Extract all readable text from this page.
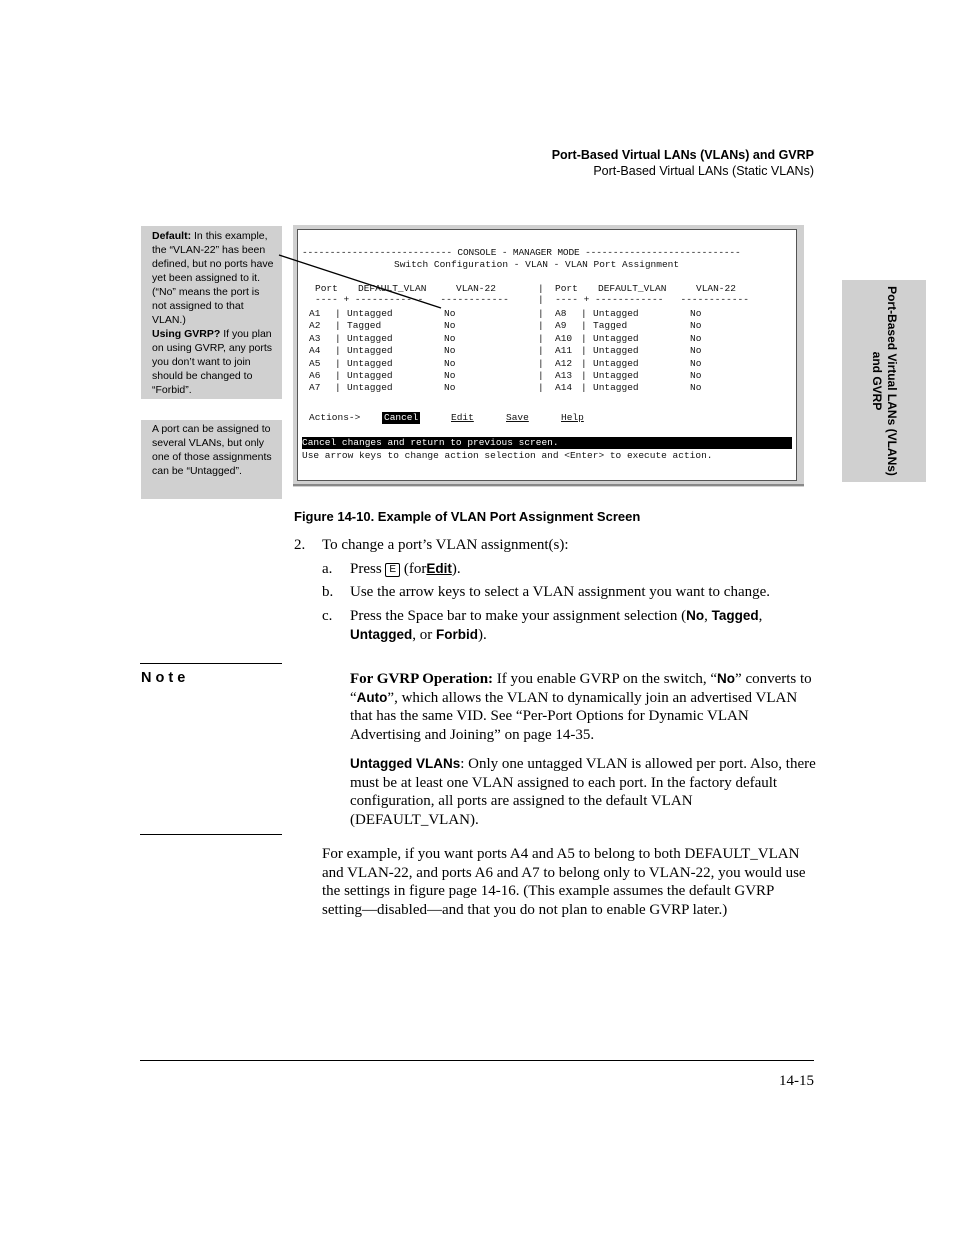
Port-Based Virtual LANs (VLANs) and GVRP
Port-Based Virtual LANs (Static VLANs)
Port-Based Virtual LANs (VLANs) and GVRP
Default: In this example, the “VLAN-22” has been defined, but no ports have yet been assigned to it. (“No” means the port is not assigned to that VLAN.)
Using GVRP? If you plan on using GVRP, any ports you don’t want to join should be changed to “Forbid”.
A port can be assigned to several VLANs, but only one of those assignments can be “Untagged”.
--------------------------- CONSOLE - MANAGER MODE ----------------------------
Switch Configuration - VLAN - VLAN Port Assignment
Port DEFAULT_VLAN	VLAN-22
---- + ------------   ------------
| Port DEFAULT_VLAN	VLAN-22
|  ---- + ------------   ------------
A1	Untagged	No
|
A2	Tagged	No
|
A3	Untagged	No
|
A4	Untagged	No
|
A5	Untagged	No
|
A6	Untagged	No
|
A7	Untagged	No
|
| A8	Untagged	No
|
| A9	Tagged	No
|
| A10 Untagged	No
|
| A11 Untagged	No
|
| A12 Untagged	No
|
| A13 Untagged	No
|
| A14 Untagged	No
|
Actions-> Cancel	Edit	Save	Help
Cancel changes and return to previous screen.
Use arrow keys to change action selection and <Enter> to execute action.
Figure 14-10. Example of VLAN Port Assignment Screen
2. To change a port’s VLAN assignment(s):
a. Press E (forEdit).
b. Use the arrow keys to select a VLAN assignment you want to change.
c. Press the Space bar to make your assignment selection (No, Tagged, Untagged, or Forbid).
N o t e	For GVRP Operation: If you enable GVRP on the switch, “No” converts to “Auto”, which allows the VLAN to dynamically join an advertised VLAN that has the same VID. See “Per-Port Options for Dynamic VLAN Advertising and Joining” on page 14-35.
Untagged VLANs: Only one untagged VLAN is allowed per port. Also, there must be at least one VLAN assigned to each port. In the factory default configuration, all ports are assigned to the default VLAN (DEFAULT_VLAN).
For example, if you want ports A4 and A5 to belong to both DEFAULT_VLAN and VLAN-22, and ports A6 and A7 to belong only to VLAN-22, you would use the settings in figure page 14-16. (This example assumes the default GVRP setting—disabled—and that you do not plan to enable GVRP later.)
14-15
